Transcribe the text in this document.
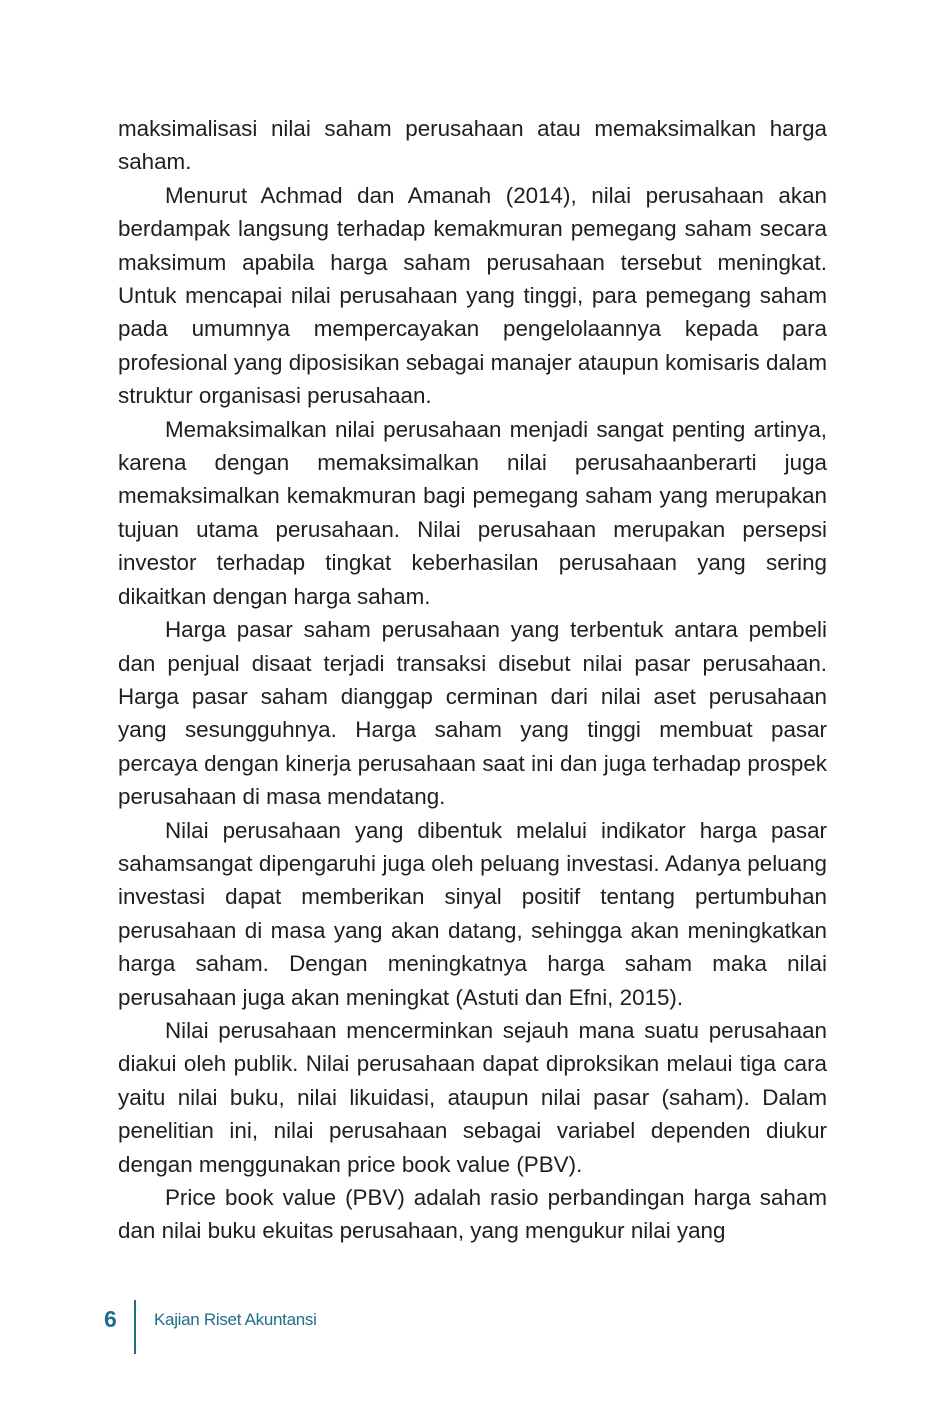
maksimalisasi nilai saham perusahaan atau memaksimalkan harga saham.

Menurut Achmad dan Amanah (2014), nilai perusahaan akan berdampak langsung terhadap kemakmuran pemegang saham secara maksimum apabila harga saham perusahaan tersebut meningkat. Untuk mencapai nilai perusahaan yang tinggi, para pemegang saham pada umumnya mempercayakan pengelolaannya kepada para profesional yang diposisikan sebagai manajer ataupun komisaris dalam struktur organisasi perusahaan.

Memaksimalkan nilai perusahaan menjadi sangat penting artinya, karena dengan memaksimalkan nilai perusahaanberarti juga memaksimalkan kemakmuran bagi pemegang saham yang merupakan tujuan utama perusahaan. Nilai perusahaan merupakan persepsi investor terhadap tingkat keberhasilan perusahaan yang sering dikaitkan dengan harga saham.

Harga pasar saham perusahaan yang terbentuk antara pembeli dan penjual disaat terjadi transaksi disebut nilai pasar perusahaan. Harga pasar saham dianggap cerminan dari nilai aset perusahaan yang sesungguhnya. Harga saham yang tinggi membuat pasar percaya dengan kinerja perusahaan saat ini dan juga terhadap prospek perusahaan di masa mendatang.

Nilai perusahaan yang dibentuk melalui indikator harga pasar sahamsangat dipengaruhi juga oleh peluang investasi. Adanya peluang investasi dapat memberikan sinyal positif tentang pertumbuhan perusahaan di masa yang akan datang, sehingga akan meningkatkan harga saham. Dengan meningkatnya harga saham maka nilai perusahaan juga akan meningkat (Astuti dan Efni, 2015).

Nilai perusahaan mencerminkan sejauh mana suatu perusahaan diakui oleh publik. Nilai perusahaan dapat diproksikan melaui tiga cara yaitu nilai buku, nilai likuidasi, ataupun nilai pasar (saham). Dalam penelitian ini, nilai perusahaan sebagai variabel dependen diukur dengan menggunakan price book value (PBV).

Price book value (PBV) adalah rasio perbandingan harga saham dan nilai buku ekuitas perusahaan, yang mengukur nilai yang

6 Kajian Riset Akuntansi
